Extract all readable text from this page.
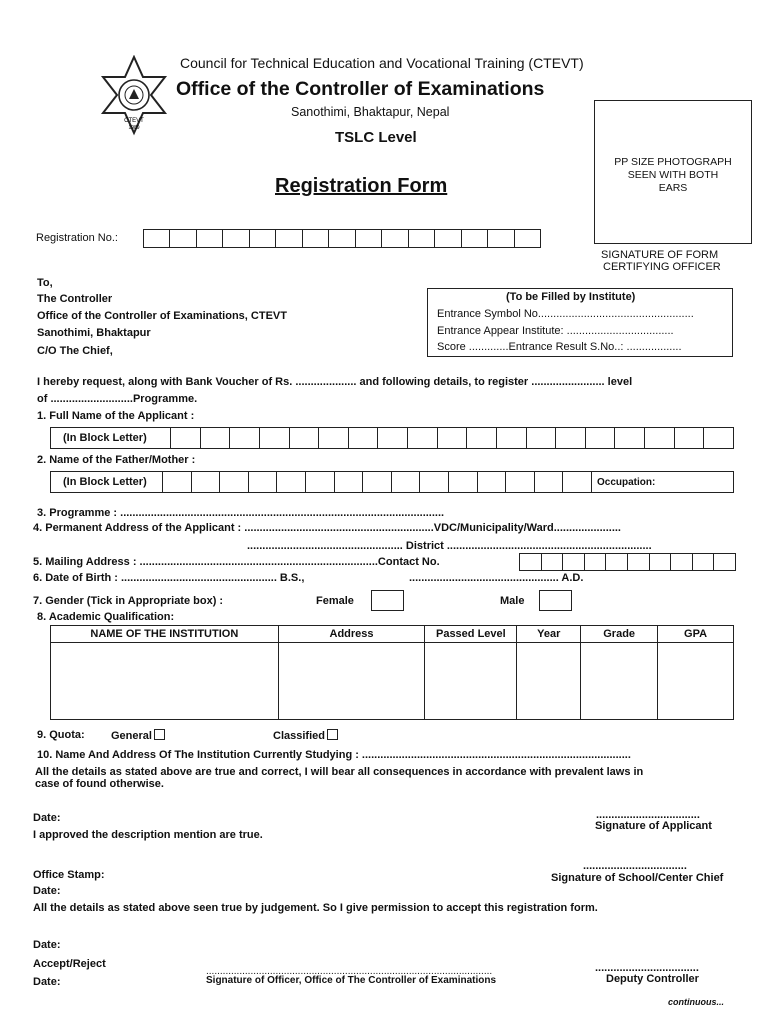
CTEVT
1989
Council for Technical Education and Vocational Training (CTEVT)
Office of the Controller of Examinations
Sanothimi, Bhaktapur, Nepal
TSLC Level
Registration Form
PP SIZE PHOTOGRAPH
SEEN WITH BOTH
EARS
SIGNATURE OF FORM
CERTIFYING OFFICER
Registration No.:
To,
The Controller
Office of the Controller of Examinations, CTEVT
Sanothimi, Bhaktapur
C/O The Chief,
(To be Filled by Institute)
Entrance Symbol No...................................................
Entrance Appear Institute: ...................................
Score .............Entrance Result S.No..: ..................
I hereby request, along with Bank Voucher of Rs. .................... and following details, to register ........................ level
of ...........................Programme.
1. Full Name of the Applicant :
(In Block Letter)
2. Name of the Father/Mother :
(In Block Letter)	Occupation:
3. Programme : ..........................................................................................................
4. Permanent Address of the Applicant : ..............................................................VDC/Municipality/Ward......................
................................................... District ...................................................................
5. Mailing Address : ..............................................................................Contact No.
6. Date of Birth : ................................................... B.S.,	................................................. A.D.
7. Gender (Tick in Appropriate box) :	Female	Male
8. Academic Qualification:
NAME OF THE INSTITUTION	Address	Passed Level	Year	Grade	GPA

9. Quota: General	Classified
10. Name And Address Of The Institution Currently Studying : ........................................................................................
All the details as stated above are true and correct, I will bear all consequences in accordance with prevalent laws in
case of found otherwise.
Date:	..................................
Signature of Applicant
I approved the description mention are true.
..................................
Office Stamp:	Signature of School/Center Chief
Date:
All the details as stated above seen true by judgement. So I give permission to accept this registration form.
Date:
Accept/Reject	..................................
.......................................................................................................
Date:	Signature of Officer, Office of The Controller of Examinations	Deputy Controller
continuous...
